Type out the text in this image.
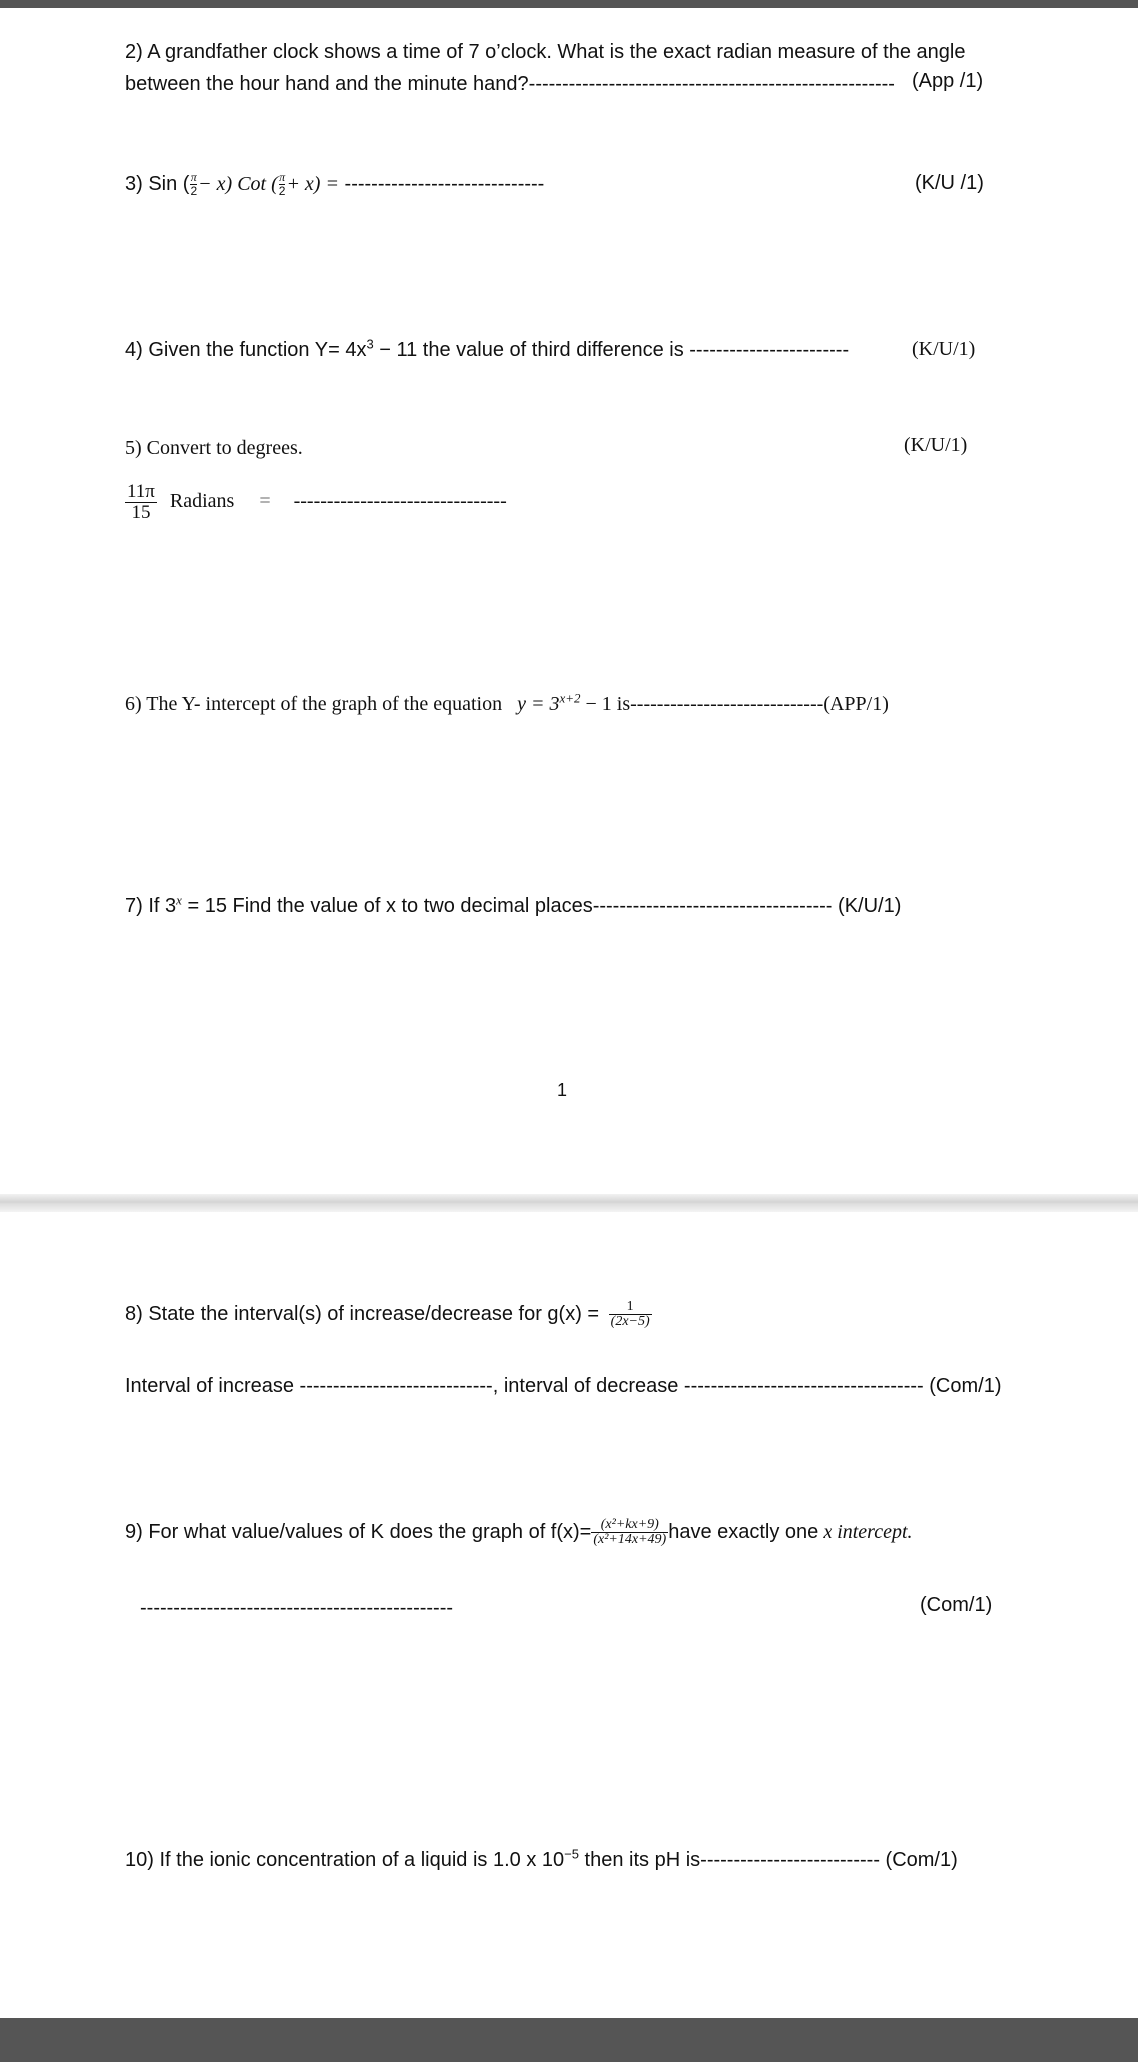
2) A grandfather clock shows a time of 7 o’clock. What is the exact radian measure of the angle
between the hour hand and the minute hand?------------------------------------------------------- (App /1)
3) Sin ( $\frac{\pi}{2} - x$) Cot ( $\frac{\pi}{2} + x$) = ------------------------------	(K/U /1)
4) Given the function $Y= 4x^3 - 11$ the value of third difference is ------------------------	(K/U/1)
5) Convert to degrees.	(K/U/1)
$\frac{11\pi}{15}$ Radians = --------------------------------
6) The Y- intercept of the graph of the equation $y = 3^{x+2} - 1$ is-----------------------------(APP/1)
7) If $3^x = 15$ Find the value of x to two decimal places------------------------------------ (K/U/1)
1
8) State the interval(s) of increase/decrease for $g(x) = \frac{1}{(2x-5)}$
Interval of increase -----------------------------, interval of decrease ------------------------------------ (Com/1)
9) For what value/values of K does the graph of $f(x)= \frac{\text{(x²+kx+9)}}{\text{(x²+14x+49)}}$ have exactly one x intercept.
-----------------------------------------------	(Com/1)
10) If the ionic concentration of a liquid is 1.0 x $10^{-5}$ then its pH is--------------------------- (Com/1)
